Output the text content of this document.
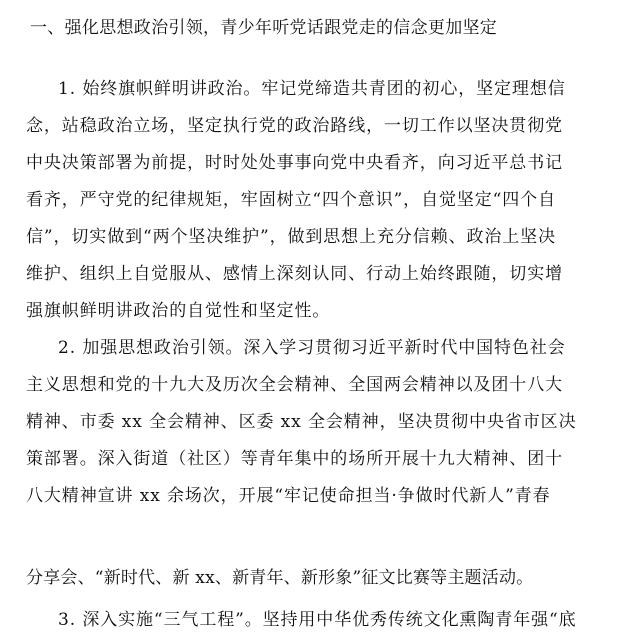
一、强化思想政治引领，青少年听党话跟党走的信念更加坚定
1. 始终旗帜鲜明讲政治。牢记党缔造共青团的初心，坚定理想信
念，站稳政治立场，坚定执行党的政治路线，一切工作以坚决贯彻党
中央决策部署为前提，时时处处事事向党中央看齐，向习近平总书记
看齐，严守党的纪律规矩，牢固树立“四个意识”，自觉坚定“四个自
信”，切实做到“两个坚决维护”，做到思想上充分信赖、政治上坚决
维护、组织上自觉服从、感情上深刻认同、行动上始终跟随，切实增
强旗帜鲜明讲政治的自觉性和坚定性。
2. 加强思想政治引领。深入学习贯彻习近平新时代中国特色社会
主义思想和党的十九大及历次全会精神、全国两会精神以及团十八大
精神、市委 xx 全会精神、区委 xx 全会精神，坚决贯彻中央省市区决
策部署。深入街道（社区）等青年集中的场所开展十九大精神、团十
八大精神宣讲 xx 余场次，开展“牢记使命担当·争做时代新人”青春
分享会、“新时代、新 xx、新青年、新形象”征文比赛等主题活动。
3. 深入实施“三气工程”。坚持用中华优秀传统文化熏陶青年强“底
